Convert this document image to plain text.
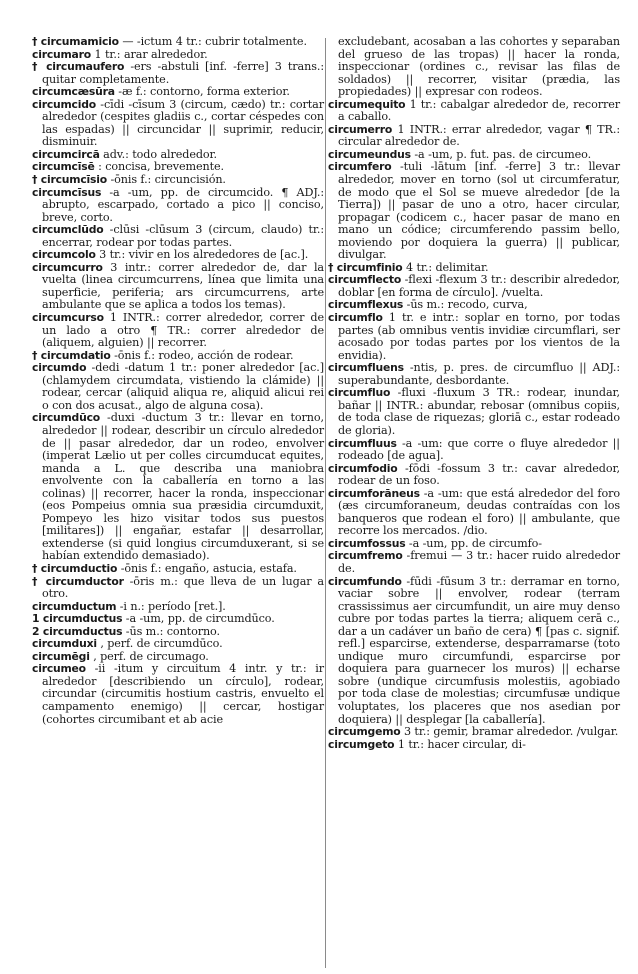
† circumamicio — -ictum 4 tr.: cubrir totalmente.

circumaro 1 tr.: arar alrededor.

† circumaufero -ers -abstuli [inf. -ferre] 3 trans.: quitar completamente.

circumcæsūra -æ f.: contorno, forma exterior.

circumcido -cīdi -cīsum 3 (circum, cædo) tr.: cortar alrededor (cespites gladiis c., cortar céspedes con las espadas) || circuncidar || suprimir, reducir, disminuir.

circumcircā adv.: todo alrededor.

circumcīsē : concisa, brevemente.

† circumcīsio -ōnis f.: circuncisión.

circumcīsus -a -um, pp. de circumcido. ¶ ADJ.: abrupto, escarpado, cortado a pico || conciso, breve, corto.

circumclūdo -clūsi -clūsum 3 (circum, claudo) tr.: encerrar, rodear por todas partes.

circumcolo 3 tr.: vivir en los alrededores de [ac.].

circumcurro 3 intr.: correr alrededor de, dar la vuelta (linea circumcurrens, línea que limita una superficie, periferia; ars circumcurrens, arte ambulante que se aplica a todos los temas).

circumcurso 1 INTR.: correr alrededor, correr de un lado a otro ¶ TR.: correr alrededor de (aliquem, alguien) || recorrer.

† circumdatio -ōnis f.: rodeo, acción de rodear.

circumdo -dedi -datum 1 tr.: poner alrededor [ac.] (chlamydem circumdata, vistiendo la clámide) || rodear, cercar (aliquid aliqua re, aliquid alicui rei o con dos acusat., algo de alguna cosa).

circumdūco -duxi -ductum 3 tr.: llevar en torno, alrededor || rodear, describir un círculo alrededor de || pasar alrededor, dar un rodeo, envolver (imperat Lælio ut per colles circumducat equites, manda a L. que describa una maniobra envolvente con la caballería en torno a las colinas) || recorrer, hacer la ronda, inspeccionar (eos Pompeius omnia sua præsidia circumduxit, Pompeyo les hizo visitar todos sus puestos [militares]) || engañar, estafar || desarrollar, extenderse (si quid longius circumduxerant, si se habían extendido demasiado).

† circumductio -ōnis f.: engaño, astucia, estafa.

† circumductor -ōris m.: que lleva de un lugar a otro.

circumductum -i n.: período [ret.].

1 circumductus -a -um, pp. de circumdūco.

2 circumductus -ūs m.: contorno.

circumduxi , perf. de circumdūco.

circumēgi , perf. de circumago.

circumeo -ii -itum y circuitum 4 intr. y tr.: ir alrededor [describiendo un círculo], rodear, circundar (circumitis hostium castris, envuelto el campamento enemigo) || cercar, hostigar (cohortes circumibant et ab acie

excludebant, acosaban a las cohortes y separaban del grueso de las tropas) || hacer la ronda, inspeccionar (ordines c., revisar las filas de soldados) || recorrer, visitar (prædia, las propiedades) || expresar con rodeos.

circumequito 1 tr.: cabalgar alrededor de, recorrer a caballo.

circumerro 1 INTR.: errar alrededor, vagar ¶ TR.: circular alrededor de.

circumeundus -a -um, p. fut. pas. de circumeo.

circumfero -tuli -lātum [inf. -ferre] 3 tr.: llevar alrededor, mover en torno (sol ut circumferatur, de modo que el Sol se mueve alrededor [de la Tierra]) || pasar de uno a otro, hacer circular, propagar (codicem c., hacer pasar de mano en mano un códice; circumferendo passim bello, moviendo por doquiera la guerra) || publicar, divulgar.

† circumfinio 4 tr.: delimitar.

circumflecto -flexi -flexum 3 tr.: describir alrededor, doblar [en forma de círculo]. /vuelta.

circumflexus -ūs m.: recodo, curva,

circumflo 1 tr. e intr.: soplar en torno, por todas partes (ab omnibus ventis invidiæ circumflari, ser acosado por todas partes por los vientos de la envidia).

circumfluens -ntis, p. pres. de circumfluo || ADJ.: superabundante, desbordante.

circumfluo -fluxi -fluxum 3 TR.: rodear, inundar, bañar || INTR.: abundar, rebosar (omnibus copiis, de toda clase de riquezas; gloriā c., estar rodeado de gloria).

circumfluus -a -um: que corre o fluye alrededor || rodeado [de agua].

circumfodio -fōdi -fossum 3 tr.: cavar alrededor, rodear de un foso.

circumforāneus -a -um: que está alrededor del foro (æs circumforaneum, deudas contraídas con los banqueros que rodean el foro) || ambulante, que recorre los mercados. /dio.

circumfossus -a -um, pp. de circumfo-

circumfremo -fremui — 3 tr.: hacer ruido alrededor de.

circumfundo -fūdi -fūsum 3 tr.: derramar en torno, vaciar sobre || envolver, rodear (terram crassissimus aer circumfundit, un aire muy denso cubre por todas partes la tierra; aliquem cerā c., dar a un cadáver un baño de cera) ¶ [pas c. signif. refl.] esparcirse, extenderse, desparramarse (toto undique muro circumfundi, esparcirse por doquiera para guarnecer los muros) || echarse sobre (undique circumfusis molestiis, agobiado por toda clase de molestias; circumfusæ undique voluptates, los placeres que nos asedian por doquiera) || desplegar [la caballería].

circumgemo 3 tr.: gemir, bramar alrededor. /vulgar.

circumgeto 1 tr.: hacer circular, di-
